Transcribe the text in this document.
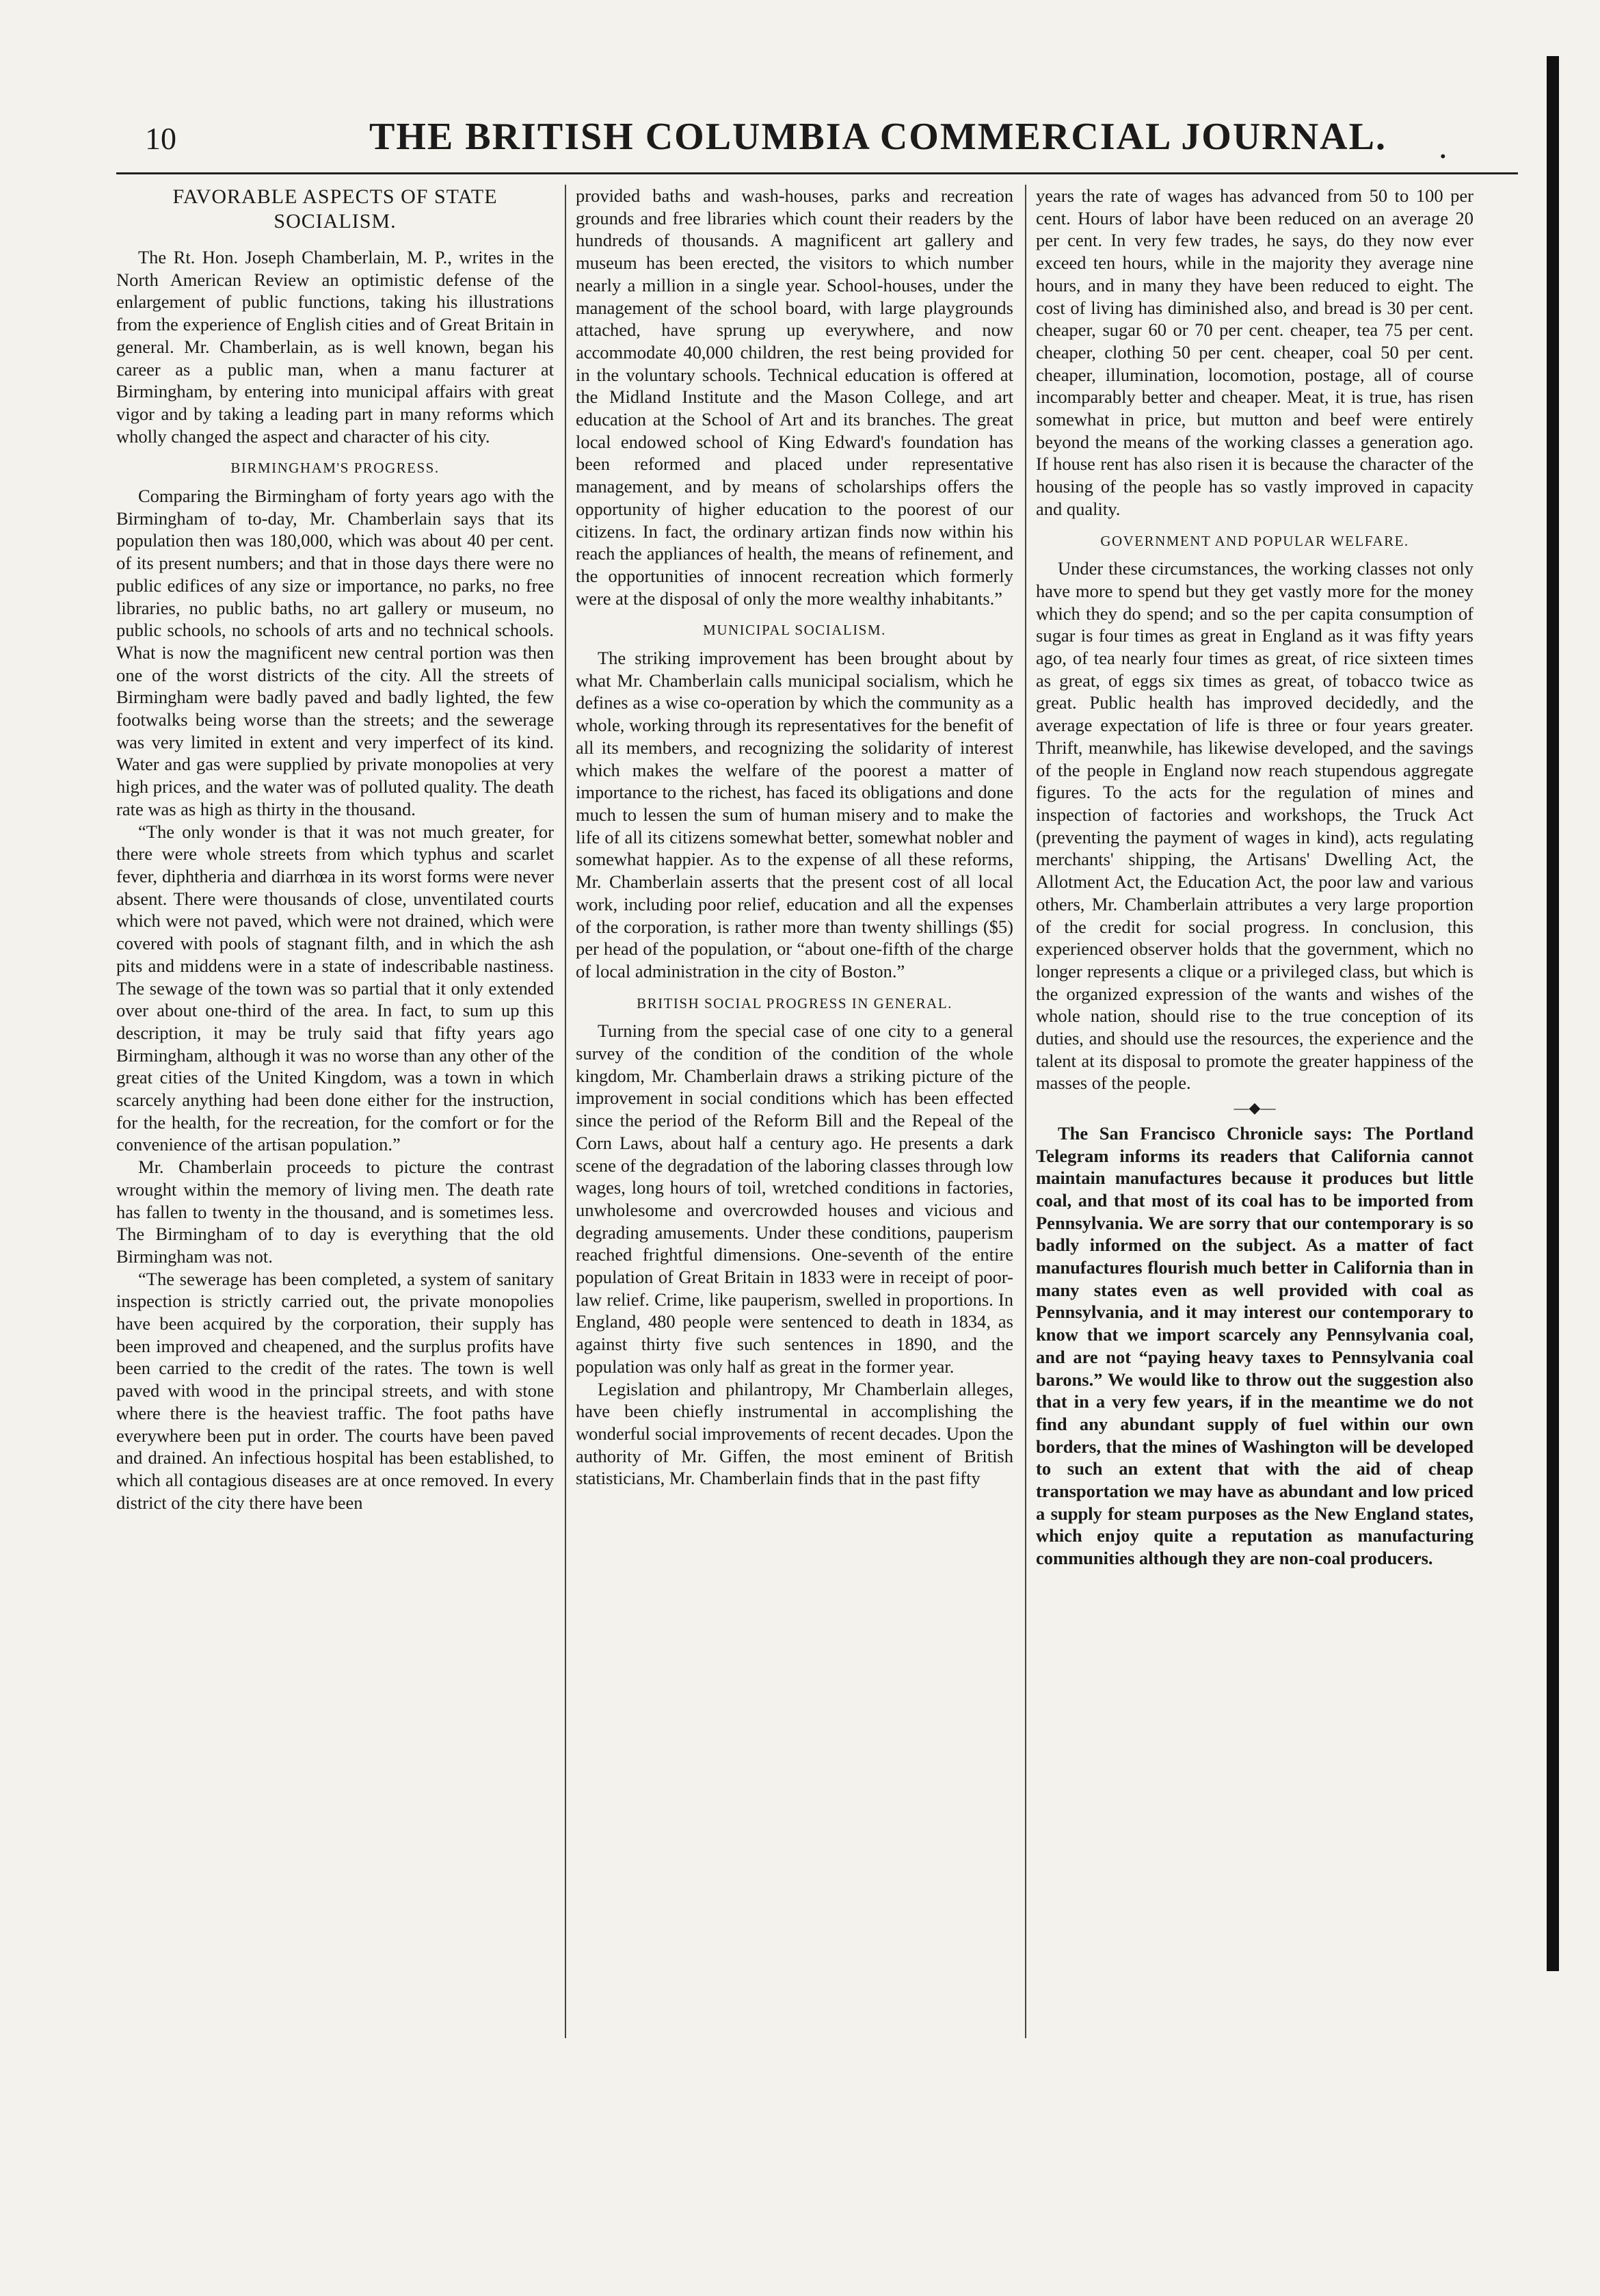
10	THE BRITISH COLUMBIA COMMERCIAL JOURNAL.	.
FAVORABLE ASPECTS OF STATE SOCIALISM.

The Rt. Hon. Joseph Chamberlain, M. P., writes in the North American Review an optimistic defense of the enlargement of public functions, taking his illustrations from the experience of English cities and of Great Britain in general. Mr. Chamberlain, as is well known, began his career as a public man, when a manu facturer at Birmingham, by entering into municipal affairs with great vigor and by taking a leading part in many reforms which wholly changed the aspect and character of his city.

BIRMINGHAM'S PROGRESS.

Comparing the Birmingham of forty years ago with the Birmingham of to-day, Mr. Chamberlain says that its population then was 180,000, which was about 40 per cent. of its present numbers; and that in those days there were no public edifices of any size or importance, no parks, no free libraries, no public baths, no art gallery or museum, no public schools, no schools of arts and no technical schools. What is now the magnificent new central portion was then one of the worst districts of the city. All the streets of Birmingham were badly paved and badly lighted, the few footwalks being worse than the streets; and the sewerage was very limited in extent and very imperfect of its kind. Water and gas were supplied by private monopolies at very high prices, and the water was of polluted quality. The death rate was as high as thirty in the thousand.

“The only wonder is that it was not much greater, for there were whole streets from which typhus and scarlet fever, diphtheria and diarrhœa in its worst forms were never absent. There were thousands of close, unventilated courts which were not paved, which were not drained, which were covered with pools of stagnant filth, and in which the ash pits and middens were in a state of indescribable nastiness. The sewage of the town was so partial that it only extended over about one-third of the area. In fact, to sum up this description, it may be truly said that fifty years ago Birmingham, although it was no worse than any other of the great cities of the United Kingdom, was a town in which scarcely anything had been done either for the instruction, for the health, for the recreation, for the comfort or for the convenience of the artisan population.”

Mr. Chamberlain proceeds to picture the contrast wrought within the memory of living men. The death rate has fallen to twenty in the thousand, and is sometimes less. The Birmingham of to day is everything that the old Birmingham was not.

“The sewerage has been completed, a system of sanitary inspection is strictly carried out, the private monopolies have been acquired by the corporation, their supply has been improved and cheapened, and the surplus profits have been carried to the credit of the rates. The town is well paved with wood in the principal streets, and with stone where there is the heaviest traffic. The foot paths have everywhere been put in order. The courts have been paved and drained. An infectious hospital has been established, to which all contagious diseases are at once removed. In every district of the city there have been

provided baths and wash-houses, parks and recreation grounds and free libraries which count their readers by the hundreds of thousands. A magnificent art gallery and museum has been erected, the visitors to which number nearly a million in a single year. School-houses, under the management of the school board, with large playgrounds attached, have sprung up everywhere, and now accommodate 40,000 children, the rest being provided for in the voluntary schools. Technical education is offered at the Midland Institute and the Mason College, and art education at the School of Art and its branches. The great local endowed school of King Edward's foundation has been reformed and placed under representative management, and by means of scholarships offers the opportunity of higher education to the poorest of our citizens. In fact, the ordinary artizan finds now within his reach the appliances of health, the means of refinement, and the opportunities of innocent recreation which formerly were at the disposal of only the more wealthy inhabitants.”

MUNICIPAL SOCIALISM.

The striking improvement has been brought about by what Mr. Chamberlain calls municipal socialism, which he defines as a wise co-operation by which the community as a whole, working through its representatives for the benefit of all its members, and recognizing the solidarity of interest which makes the welfare of the poorest a matter of importance to the richest, has faced its obligations and done much to lessen the sum of human misery and to make the life of all its citizens somewhat better, somewhat nobler and somewhat happier. As to the expense of all these reforms, Mr. Chamberlain asserts that the present cost of all local work, including poor relief, education and all the expenses of the corporation, is rather more than twenty shillings ($5) per head of the population, or “about one-fifth of the charge of local administration in the city of Boston.”

BRITISH SOCIAL PROGRESS IN GENERAL.

Turning from the special case of one city to a general survey of the condition of the condition of the whole kingdom, Mr. Chamberlain draws a striking picture of the improvement in social conditions which has been effected since the period of the Reform Bill and the Repeal of the Corn Laws, about half a century ago. He presents a dark scene of the degradation of the laboring classes through low wages, long hours of toil, wretched conditions in factories, unwholesome and overcrowded houses and vicious and degrading amusements. Under these conditions, pauperism reached frightful dimensions. One-seventh of the entire population of Great Britain in 1833 were in receipt of poor-law relief. Crime, like pauperism, swelled in proportions. In England, 480 people were sentenced to death in 1834, as against thirty five such sentences in 1890, and the population was only half as great in the former year.

Legislation and philantropy, Mr Chamberlain alleges, have been chiefly instrumental in accomplishing the wonderful social improvements of recent decades. Upon the authority of Mr. Giffen, the most eminent of British statisticians, Mr. Chamberlain finds that in the past fifty

years the rate of wages has advanced from 50 to 100 per cent. Hours of labor have been reduced on an average 20 per cent. In very few trades, he says, do they now ever exceed ten hours, while in the majority they average nine hours, and in many they have been reduced to eight. The cost of living has diminished also, and bread is 30 per cent. cheaper, sugar 60 or 70 per cent. cheaper, tea 75 per cent. cheaper, clothing 50 per cent. cheaper, coal 50 per cent. cheaper, illumination, locomotion, postage, all of course incomparably better and cheaper. Meat, it is true, has risen somewhat in price, but mutton and beef were entirely beyond the means of the working classes a generation ago. If house rent has also risen it is because the character of the housing of the people has so vastly improved in capacity and quality.

GOVERNMENT AND POPULAR WELFARE.

Under these circumstances, the working classes not only have more to spend but they get vastly more for the money which they do spend; and so the per capita consumption of sugar is four times as great in England as it was fifty years ago, of tea nearly four times as great, of rice sixteen times as great, of eggs six times as great, of tobacco twice as great. Public health has improved decidedly, and the average expectation of life is three or four years greater. Thrift, meanwhile, has likewise developed, and the savings of the people in England now reach stupendous aggregate figures. To the acts for the regulation of mines and inspection of factories and workshops, the Truck Act (preventing the payment of wages in kind), acts regulating merchants' shipping, the Artisans' Dwelling Act, the Allotment Act, the Education Act, the poor law and various others, Mr. Chamberlain attributes a very large proportion of the credit for social progress. In conclusion, this experienced observer holds that the government, which no longer represents a clique or a privileged class, but which is the organized expression of the wants and wishes of the whole nation, should rise to the true conception of its duties, and should use the resources, the experience and the talent at its disposal to promote the greater happiness of the masses of the people.

—◆—

The San Francisco Chronicle says: The Portland Telegram informs its readers that California cannot maintain manufactures because it produces but little coal, and that most of its coal has to be imported from Pennsylvania. We are sorry that our contemporary is so badly informed on the subject. As a matter of fact manufactures flourish much better in California than in many states even as well provided with coal as Pennsylvania, and it may interest our contemporary to know that we import scarcely any Pennsylvania coal, and are not “paying heavy taxes to Pennsylvania coal barons.” We would like to throw out the suggestion also that in a very few years, if in the meantime we do not find any abundant supply of fuel within our own borders, that the mines of Washington will be developed to such an extent that with the aid of cheap transportation we may have as abundant and low priced a supply for steam purposes as the New England states, which enjoy quite a reputation as manufacturing communities although they are non-coal producers.
